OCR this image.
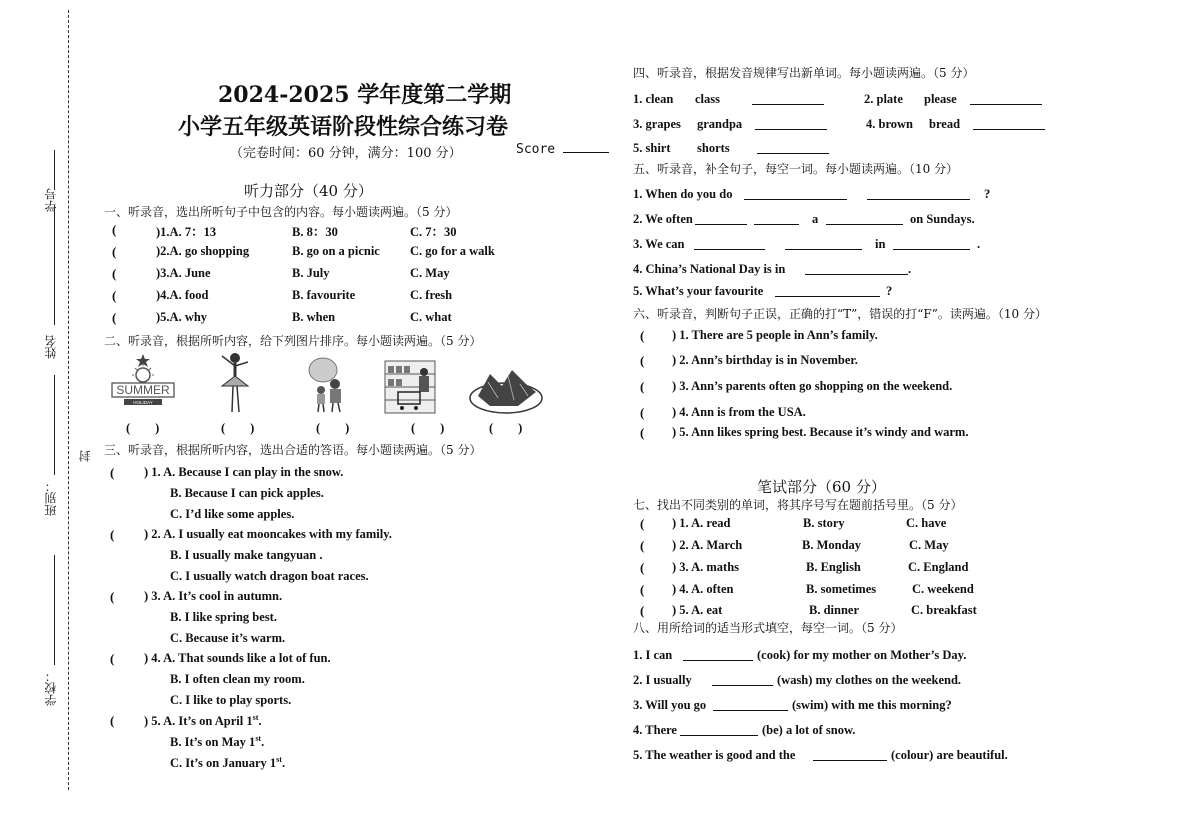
学号
姓名
班别：
封
学校：
2024-2025 学年度第二学期
小学五年级英语阶段性综合练习卷
（完卷时间：60 分钟，满分：100 分）	Score
听力部分（40 分）
一、听录音，选出所听句子中包含的内容。每小题读两遍。（5 分）
(	)1.A. 7：13	B. 8：30	C. 7：30
(	)2.A. go shopping	B. go on a picnic C. go for a walk
(	)3.A. June	B. July	C. May
(	)4.A. food	B. favourite	C. fresh
(	)5.A. why	B. when	C. what
二、听录音，根据所听内容，给下列图片排序。每小题读两遍。（5 分）
SUMMER
HOLIDAY
(　　)	(　　)	(　　)	(　　)	(　　)
三、听录音，根据所听内容，选出合适的答语。每小题读两遍。（5 分）
( ) 1. A. Because I can play in the snow.
B. Because I can pick apples.
C. I’d like some apples.
( ) 2. A. I usually eat mooncakes with my family.
B. I usually make tangyuan .
C. I usually watch dragon boat races.
( ) 3. A. It’s cool in autumn.
B. I like spring best.
C. Because it’s warm.
( ) 4. A. That sounds like a lot of fun.
B. I often clean my room.
C. I like to play sports.
( ) 5. A. It’s on April 1st.
B. It’s on May 1st.
C. It’s on January 1st.
四、听录音，根据发音规律写出新单词。每小题读两遍。（5 分）
1. clean class	2. plate please
3. grapes grandpa	4. brown bread
5. shirt shorts
五、听录音，补全句子，每空一词。每小题读两遍。（10 分）
1. When do you do	?
2. We often	a	on Sundays.
3. We can	in	.
4. China’s National Day is in	.
5. What’s your favourite	?
六、听录音，判断句子正误，正确的打“T”，错误的打“F”。读两遍。（10 分）
( ) 1. There are 5 people in Ann’s family.
( ) 2. Ann’s birthday is in November.
( ) 3. Ann’s parents often go shopping on the weekend.
( ) 4. Ann is from the USA.
( ) 5. Ann likes spring best. Because it’s windy and warm.
笔试部分（60 分）
七、找出不同类别的单词，将其序号写在题前括号里。（5 分）
( ) 1. A. read	B. story	C. have
( ) 2. A. March	B. Monday	C. May
( ) 3. A. maths	B. English	C. England
( ) 4. A. often	B. sometimes	C. weekend
( ) 5. A. eat	B. dinner	C. breakfast
八、用所给词的适当形式填空，每空一词。（5 分）
1. I can	(cook) for my mother on Mother’s Day.
2. I usually	(wash) my clothes on the weekend.
3. Will you go	(swim) with me this morning?
4. There	(be) a lot of snow.
5. The weather is good and the	(colour) are beautiful.
